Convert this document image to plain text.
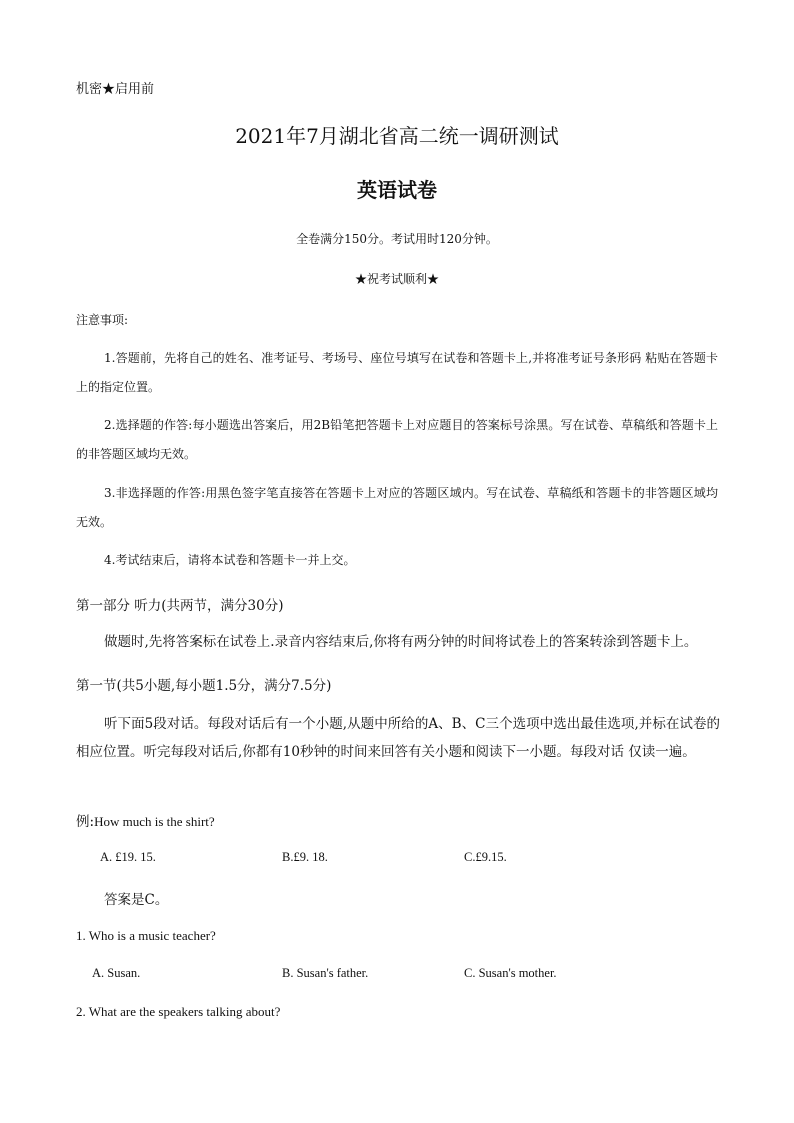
机密★启用前
2021年7月湖北省高二统一调研测试
英语试卷
全卷满分150分。考试用时120分钟。
★祝考试顺利★
注意事项:
1.答题前，先将自己的姓名、准考证号、考场号、座位号填写在试卷和答题卡上,并将准考证号条形码 粘贴在答题卡上的指定位置。
2.选择题的作答:每小题选出答案后，用2B铅笔把答题卡上对应题目的答案标号涂黑。写在试卷、草稿纸和答题卡上的非答题区域均无效。
3.非选择题的作答:用黑色签字笔直接答在答题卡上对应的答题区域内。写在试卷、草稿纸和答题卡的非答题区域均无效。
4.考试结束后，请将本试卷和答题卡一并上交。
第一部分 听力(共两节，满分30分)
做题时,先将答案标在试卷上.录音内容结束后,你将有两分钟的时间将试卷上的答案转涂到答题卡上。
第一节(共5小题,每小题1.5分，满分7.5分)
听下面5段对话。每段对话后有一个小题,从题中所给的A、B、C三个选项中选出最佳选项,并标在试卷的相应位置。听完每段对话后,你都有10秒钟的时间来回答有关小题和阅读下一小题。每段对话 仅读一遍。
例:How much is the shirt?
A. £19. 15.	B.£9. 18.	C.£9.15.
答案是C。
1. Who is a music teacher?
A. Susan.	B. Susan's father.	C. Susan's mother.
2. What are the speakers talking about?
